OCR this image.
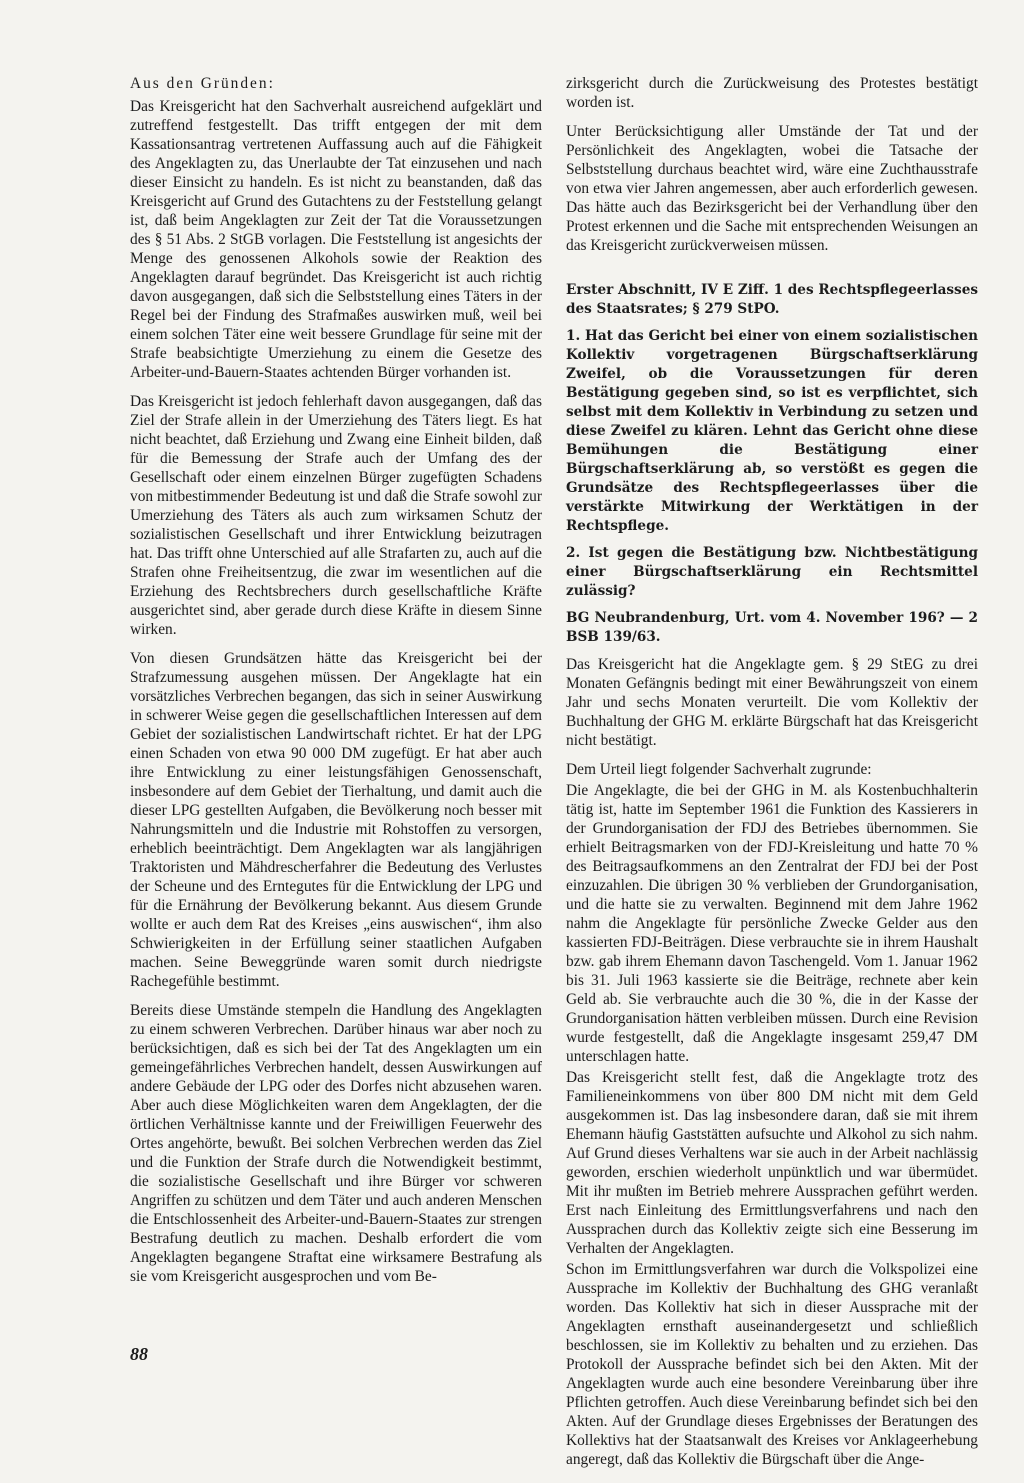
Aus den Gründen:

Das Kreisgericht hat den Sachverhalt ausreichend aufgeklärt und zutreffend festgestellt. Das trifft entgegen der mit dem Kassationsantrag vertretenen Auffassung auch auf die Fähigkeit des Angeklagten zu, das Unerlaubte der Tat einzusehen und nach dieser Einsicht zu handeln. Es ist nicht zu beanstanden, daß das Kreisgericht auf Grund des Gutachtens zu der Feststellung gelangt ist, daß beim Angeklagten zur Zeit der Tat die Voraussetzungen des § 51 Abs. 2 StGB vorlagen. Die Feststellung ist angesichts der Menge des genossenen Alkohols sowie der Reaktion des Angeklagten darauf begründet. Das Kreisgericht ist auch richtig davon ausgegangen, daß sich die Selbststellung eines Täters in der Regel bei der Findung des Strafmaßes auswirken muß, weil bei einem solchen Täter eine weit bessere Grundlage für seine mit der Strafe beabsichtigte Umerziehung zu einem die Gesetze des Arbeiter-und-Bauern-Staates achtenden Bürger vorhanden ist.

Das Kreisgericht ist jedoch fehlerhaft davon ausgegangen, daß das Ziel der Strafe allein in der Umerziehung des Täters liegt. Es hat nicht beachtet, daß Erziehung und Zwang eine Einheit bilden, daß für die Bemessung der Strafe auch der Umfang des der Gesellschaft oder einem einzelnen Bürger zugefügten Schadens von mitbestimmender Bedeutung ist und daß die Strafe sowohl zur Umerziehung des Täters als auch zum wirksamen Schutz der sozialistischen Gesellschaft und ihrer Entwicklung beizutragen hat. Das trifft ohne Unterschied auf alle Strafarten zu, auch auf die Strafen ohne Freiheitsentzug, die zwar im wesentlichen auf die Erziehung des Rechtsbrechers durch gesellschaftliche Kräfte ausgerichtet sind, aber gerade durch diese Kräfte in diesem Sinne wirken.

Von diesen Grundsätzen hätte das Kreisgericht bei der Strafzumessung ausgehen müssen. Der Angeklagte hat ein vorsätzliches Verbrechen begangen, das sich in seiner Auswirkung in schwerer Weise gegen die gesellschaftlichen Interessen auf dem Gebiet der sozialistischen Landwirtschaft richtet. Er hat der LPG einen Schaden von etwa 90 000 DM zugefügt. Er hat aber auch ihre Entwicklung zu einer leistungsfähigen Genossenschaft, insbesondere auf dem Gebiet der Tierhaltung, und damit auch die dieser LPG gestellten Aufgaben, die Bevölkerung noch besser mit Nahrungsmitteln und die Industrie mit Rohstoffen zu versorgen, erheblich beeinträchtigt. Dem Angeklagten war als langjährigen Traktoristen und Mähdrescherfahrer die Bedeutung des Verlustes der Scheune und des Erntegutes für die Entwicklung der LPG und für die Ernährung der Bevölkerung bekannt. Aus diesem Grunde wollte er auch dem Rat des Kreises „eins auswischen“, ihm also Schwierigkeiten in der Erfüllung seiner staatlichen Aufgaben machen. Seine Beweggründe waren somit durch niedrigste Rachegefühle bestimmt.

Bereits diese Umstände stempeln die Handlung des Angeklagten zu einem schweren Verbrechen. Darüber hinaus war aber noch zu berücksichtigen, daß es sich bei der Tat des Angeklagten um ein gemeingefährliches Verbrechen handelt, dessen Auswirkungen auf andere Gebäude der LPG oder des Dorfes nicht abzusehen waren. Aber auch diese Möglichkeiten waren dem Angeklagten, der die örtlichen Verhältnisse kannte und der Freiwilligen Feuerwehr des Ortes angehörte, bewußt. Bei solchen Verbrechen werden das Ziel und die Funktion der Strafe durch die Notwendigkeit bestimmt, die sozialistische Gesellschaft und ihre Bürger vor schweren Angriffen zu schützen und dem Täter und auch anderen Menschen die Entschlossenheit des Arbeiter-und-Bauern-Staates zur strengen Bestrafung deutlich zu machen. Deshalb erfordert die vom Angeklagten begangene Straftat eine wirksamere Bestrafung als sie vom Kreisgericht ausgesprochen und vom Be-

zirksgericht durch die Zurückweisung des Protestes bestätigt worden ist.

Unter Berücksichtigung aller Umstände der Tat und der Persönlichkeit des Angeklagten, wobei die Tatsache der Selbststellung durchaus beachtet wird, wäre eine Zuchthausstrafe von etwa vier Jahren angemessen, aber auch erforderlich gewesen. Das hätte auch das Bezirksgericht bei der Verhandlung über den Protest erkennen und die Sache mit entsprechenden Weisungen an das Kreisgericht zurückverweisen müssen.

Erster Abschnitt, IV E Ziff. 1 des Rechtspflegeerlasses des Staatsrates; § 279 StPO.

1. Hat das Gericht bei einer von einem sozialistischen Kollektiv vorgetragenen Bürgschaftserklärung Zweifel, ob die Voraussetzungen für deren Bestätigung gegeben sind, so ist es verpflichtet, sich selbst mit dem Kollektiv in Verbindung zu setzen und diese Zweifel zu klären. Lehnt das Gericht ohne diese Bemühungen die Bestätigung einer Bürgschaftserklärung ab, so verstößt es gegen die Grundsätze des Rechtspflegeerlasses über die verstärkte Mitwirkung der Werktätigen in der Rechtspflege.

2. Ist gegen die Bestätigung bzw. Nichtbestätigung einer Bürgschaftserklärung ein Rechtsmittel zulässig?

BG Neubrandenburg, Urt. vom 4. November 196? — 2 BSB 139/63.

Das Kreisgericht hat die Angeklagte gem. § 29 StEG zu drei Monaten Gefängnis bedingt mit einer Bewährungszeit von einem Jahr und sechs Monaten verurteilt. Die vom Kollektiv der Buchhaltung der GHG M. erklärte Bürgschaft hat das Kreisgericht nicht bestätigt.

Dem Urteil liegt folgender Sachverhalt zugrunde:

Die Angeklagte, die bei der GHG in M. als Kostenbuchhalterin tätig ist, hatte im September 1961 die Funktion des Kassierers in der Grundorganisation der FDJ des Betriebes übernommen. Sie erhielt Beitragsmarken von der FDJ-Kreisleitung und hatte 70 % des Beitragsaufkommens an den Zentralrat der FDJ bei der Post einzuzahlen. Die übrigen 30 % verblieben der Grundorganisation, und die hatte sie zu verwalten. Beginnend mit dem Jahre 1962 nahm die Angeklagte für persönliche Zwecke Gelder aus den kassierten FDJ-Beiträgen. Diese verbrauchte sie in ihrem Haushalt bzw. gab ihrem Ehemann davon Taschengeld. Vom 1. Januar 1962 bis 31. Juli 1963 kassierte sie die Beiträge, rechnete aber kein Geld ab. Sie verbrauchte auch die 30 %, die in der Kasse der Grundorganisation hätten verbleiben müssen. Durch eine Revision wurde festgestellt, daß die Angeklagte insgesamt 259,47 DM unterschlagen hatte.

Das Kreisgericht stellt fest, daß die Angeklagte trotz des Familieneinkommens von über 800 DM nicht mit dem Geld ausgekommen ist. Das lag insbesondere daran, daß sie mit ihrem Ehemann häufig Gaststätten aufsuchte und Alkohol zu sich nahm. Auf Grund dieses Verhaltens war sie auch in der Arbeit nachlässig geworden, erschien wiederholt unpünktlich und war übermüdet. Mit ihr mußten im Betrieb mehrere Aussprachen geführt werden. Erst nach Einleitung des Ermittlungsverfahrens und nach den Aussprachen durch das Kollektiv zeigte sich eine Besserung im Verhalten der Angeklagten.

Schon im Ermittlungsverfahren war durch die Volkspolizei eine Aussprache im Kollektiv der Buchhaltung des GHG veranlaßt worden. Das Kollektiv hat sich in dieser Aussprache mit der Angeklagten ernsthaft auseinandergesetzt und schließlich beschlossen, sie im Kollektiv zu behalten und zu erziehen. Das Protokoll der Aussprache befindet sich bei den Akten. Mit der Angeklagten wurde auch eine besondere Vereinbarung über ihre Pflichten getroffen. Auch diese Vereinbarung befindet sich bei den Akten. Auf der Grundlage dieses Ergebnisses der Beratungen des Kollektivs hat der Staatsanwalt des Kreises vor Anklageerhebung angeregt, daß das Kollektiv die Bürgschaft über die Ange-

88
